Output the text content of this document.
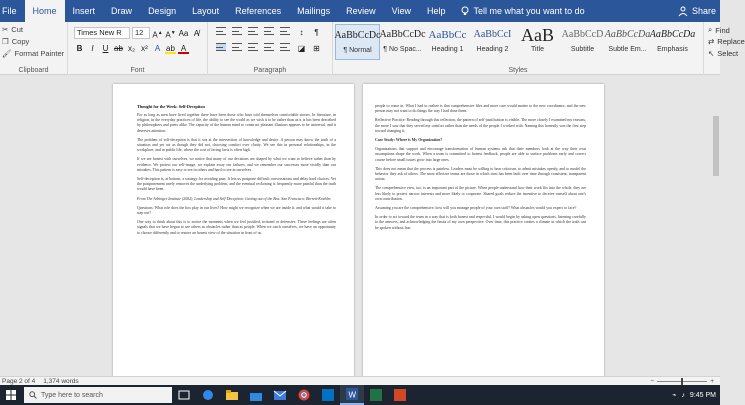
File	Home	Insert	Draw	Design	Layout	References	Mailings	Review	View	Help	Tell me what you want to do	Share
✂ Cut
❐ Copy
🖌 Format Painter
Clipboard
Times New R	12	A▲ A▼ Aa A̸
B	I	U ab x₂ x² A ab A
Font
↕	¶
◪ ⊞
Paragraph	Styles
AaBbCcDc
¶ Normal
AaBbCcDc
¶ No Spac...
AaBbCc
Heading 1
AaBbCcI
Heading 2
AaB
Title
AaBbCcD
Subtitle
AaBbCcDa
Subtle Em...
AaBbCcDa
Emphasis
⌕ Find
⇄ Replace
↖ Select
Thought for the Week: Self-Deception

For as long as men have lived together there have been those who have told themselves comfortable stories. In literature, in religion, in the everyday practices of life, the ability to see the world as we wish it to be rather than as it is has been described by philosophers and poets alike. The capacity of the human mind to construct pleasant illusions appears to be universal, and it deserves attention.

The problem of self-deception is that it sits at the intersection of knowledge and desire. A person may know the truth of a situation and yet act as though they did not, choosing comfort over clarity. We see this in personal relationships, in the workplace, and in public life, where the cost of facing facts is often high.

If we are honest with ourselves, we notice that many of our decisions are shaped by what we want to believe rather than by evidence. We protect our self-image, we explain away our failures, and we remember our successes more vividly than our mistakes. This pattern is easy to see in others and hard to see in ourselves.

Self-deception is, at bottom, a strategy for avoiding pain. It lets us postpone difficult conversations and delay hard choices. Yet the postponement rarely removes the underlying problem, and the eventual reckoning is frequently more painful than the truth would have been.

From The Arbinger Institute (2002), Leadership and Self-Deception: Getting out of the Box. San Francisco: Berrett-Koehler.

Questions: What role does the box play in our lives? How might we recognize when we are inside it, and what would it take to step out?

One way to think about this is to notice the moments when we feel justified, irritated or defensive. These feelings are often signals that we have begun to see others as obstacles rather than as people. When we catch ourselves, we have an opportunity to choose differently and to restore an honest view of the situation in front of us.

people to come in. What I had to realize is that comprehensive files and more care would matter to the new coordinator, and the new person may not want to do things the way I had done them.

Reflective Practice: Reading through this reflection, the pattern of self-justification is visible. The more closely I examined my reasons, the more I saw that they served my comfort rather than the needs of the people I worked with. Naming this honestly was the first step toward changing it.

Case Study: Where is My Organization?

Organizations that support and encourage transformation of human systems ask that their members look at the way their own assumptions shape the work. When a team is committed to honest feedback, people are able to surface problems early and correct course before small issues grow into large ones.

This does not mean that the process is painless. Leaders must be willing to hear criticism, to admit mistakes openly, and to model the behavior they ask of others. The most effective teams are those in which trust has been built over time through consistent, transparent action.

The comprehensive view, too, is an important part of the picture. When people understand how their work fits into the whole, they are less likely to protect narrow interests and more likely to cooperate. Shared goals reduce the incentive to deceive oneself about one's own contribution.

Assuming you are the comprehensive, how will you manage people of your own staff? What obstacles would you expect to face?

In order to act toward the team in a way that is both honest and respectful, I would begin by asking open questions, listening carefully to the answers, and acknowledging the limits of my own perspective. Over time, this practice creates a climate in which the truth can be spoken without fear.

Page 2 of 4 1,374 words	−	+
Type here to search	W	⌁ ♪ 9:45 PM
